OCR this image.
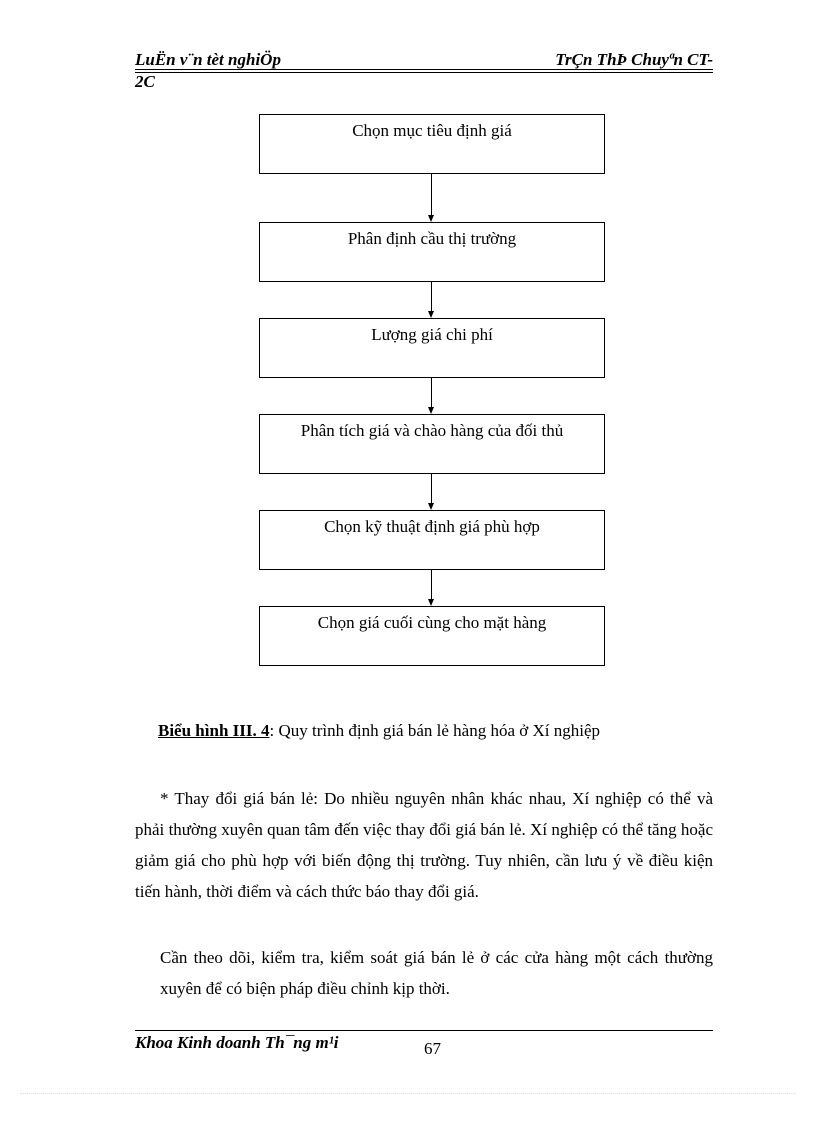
LuËn v¨n tèt nghiÖp	TrÇn ThÞ Chuyªn CT-
2C
Chọn mục tiêu định giá
Phân định cầu thị trường
Lượng giá chi phí
Phân tích giá và chào hàng của đối thủ
Chọn kỹ thuật định giá phù hợp
Chọn giá cuối cùng cho mặt hàng
Biểu hình III. 4: Quy trình định giá bán lẻ hàng hóa ở Xí nghiệp
* Thay đổi giá bán lẻ: Do nhiều nguyên nhân khác nhau, Xí nghiệp có thể và phải thường xuyên quan tâm đến việc thay đổi giá bán lẻ. Xí nghiệp có thể tăng hoặc giảm giá cho phù hợp với biến động thị trường. Tuy nhiên, cần lưu ý về điều kiện tiến hành, thời điểm và cách thức báo thay đổi giá.
Cần theo dõi, kiểm tra, kiểm soát giá bán lẻ ở các cửa hàng một cách thường xuyên để có biện pháp điều chỉnh kịp thời.
Khoa Kinh doanh Th¯ng m¹i	67
